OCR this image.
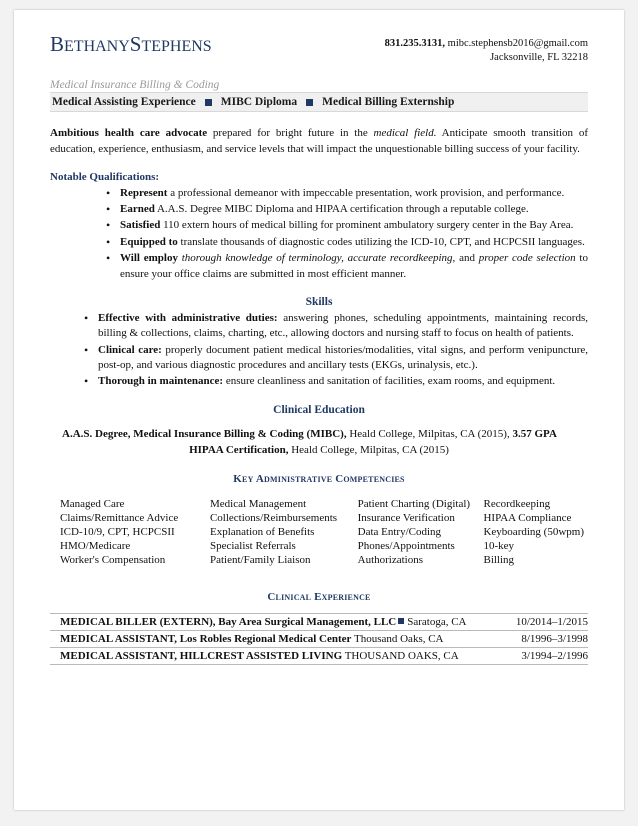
BETHANYSTEPHENS	831.235.3131, mibc.stephensb2016@gmail.com
Jacksonville, FL 32218
Medical Insurance Billing & Coding
Medical Assisting Experience MIBC Diploma Medical Billing Externship
Ambitious health care advocate prepared for bright future in the medical field. Anticipate smooth transition of education, experience, enthusiasm, and service levels that will impact the unquestionable billing success of your facility.
Notable Qualifications:
• Represent a professional demeanor with impeccable presentation, work provision, and performance.
• Earned A.A.S. Degree MIBC Diploma and HIPAA certification through a reputable college.
• Satisfied 110 extern hours of medical billing for prominent ambulatory surgery center in the Bay Area.
• Equipped to translate thousands of diagnostic codes utilizing the ICD-10, CPT, and HCPCSII languages.
• Will employ thorough knowledge of terminology, accurate recordkeeping, and proper code selection to ensure your office claims are submitted in most efficient manner.
Skills
• Effective with administrative duties: answering phones, scheduling appointments, maintaining records, billing & collections, claims, charting, etc., allowing doctors and nursing staff to focus on health of patients.
• Clinical care: properly document patient medical histories/modalities, vital signs, and perform venipuncture, post-op, and various diagnostic procedures and ancillary tests (EKGs, urinalysis, etc.).
• Thorough in maintenance: ensure cleanliness and sanitation of facilities, exam rooms, and equipment.
Clinical Education
A.A.S. Degree, Medical Insurance Billing & Coding (MIBC), Heald College, Milpitas, CA (2015), 3.57 GPA
HIPAA Certification, Heald College, Milpitas, CA (2015)
Key Administrative Competencies
Managed Care	Medical Management	Patient Charting (Digital)	Recordkeeping
Claims/Remittance Advice	Collections/Reimbursements	Insurance Verification	HIPAA Compliance
ICD-10/9, CPT, HCPCSII	Explanation of Benefits	Data Entry/Coding	Keyboarding (50wpm)
HMO/Medicare	Specialist Referrals	Phones/Appointments	10-key
Worker's Compensation	Patient/Family Liaison	Authorizations	Billing
Clinical Experience
MEDICAL BILLER (EXTERN), Bay Area Surgical Management, LLC Saratoga, CA	10/2014–1/2015
MEDICAL ASSISTANT, Los Robles Regional Medical Center Thousand Oaks, CA	8/1996–3/1998
MEDICAL ASSISTANT, HILLCREST ASSISTED LIVING THOUSAND OAKS, CA	3/1994–2/1996
